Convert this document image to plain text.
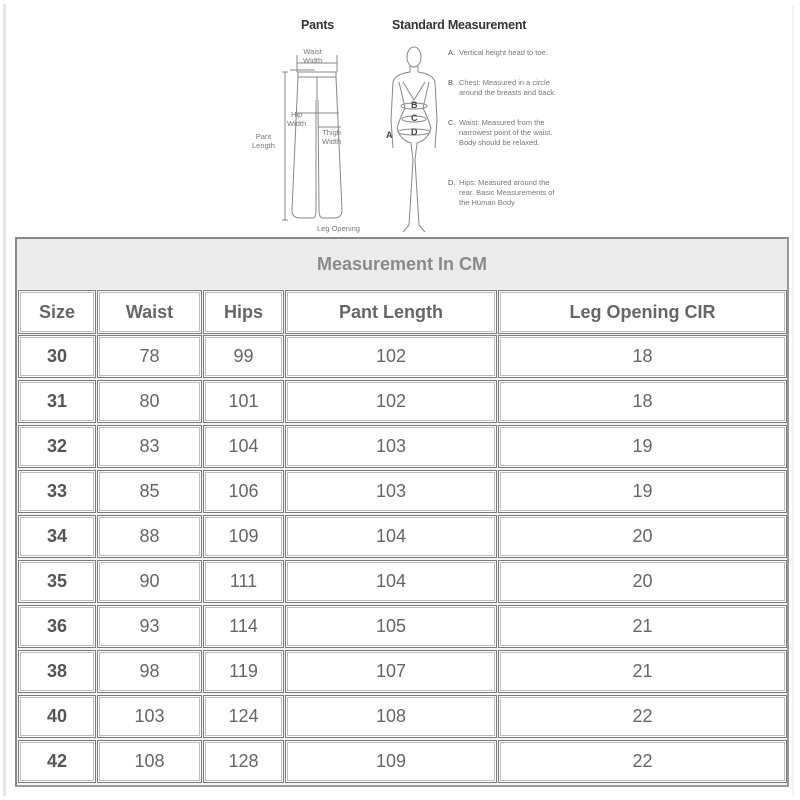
B
C
D
A
Pants	Standard Measurement
Waist
Width
Hip
Width
Thigh
Width
Pant
Length
Leg Opening
A. Vertical height head to toe.
B. Chest: Measured in a circle around the breasts and back.
C. Waist: Measured from the narrowest point of the waist. Body should be relaxed.
D. Hips: Measured around the rear. Basic Measurements of the Human Body
Measurement In CM
Size	Waist	Hips	Pant Length	Leg Opening CIR
30	78	99	102	18
31	80	101	102	18
32	83	104	103	19
33	85	106	103	19
34	88	109	104	20
35	90	111	104	20
36	93	114	105	21
38	98	119	107	21
40	103	124	108	22
42	108	128	109	22
